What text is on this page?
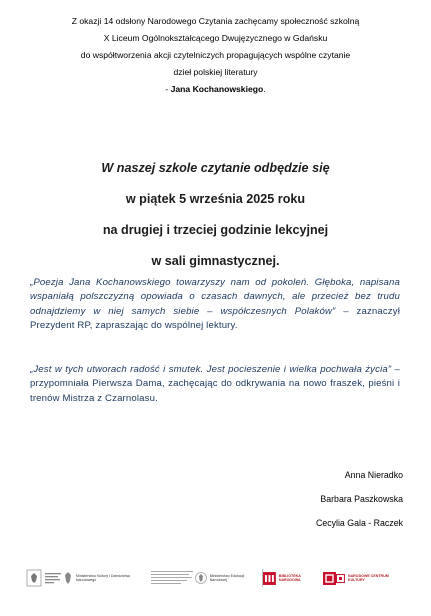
Z okazji 14 odsłony Narodowego Czytania zachęcamy społeczność szkolną
X Liceum Ogólnokształcącego Dwujęzycznego w Gdańsku
do współtworzenia akcji czytelniczych propagujących wspólne czytanie
dzieł polskiej literatury
- Jana Kochanowskiego.
W naszej szkole czytanie odbędzie się
w piątek 5 września 2025 roku
na drugiej i trzeciej godzinie lekcyjnej
w sali gimnastycznej.
„Poezja Jana Kochanowskiego towarzyszy nam od pokoleń. Głęboka, napisana wspaniałą polszczyzną opowiada o czasach dawnych, ale przecież bez trudu odnajdziemy w niej samych siebie – współczesnych Polaków” – zaznaczył Prezydent RP, zapraszając do wspólnej lektury.
„Jest w tych utworach radość i smutek. Jest pocieszenie i wielka pochwała życia” – przypomniała Pierwsza Dama, zachęcając do odkrywania na nowo fraszek, pieśni i trenów Mistrza z Czarnolasu.
Anna Nieradko
Barbara Paszkowska
Cecylia Gala - Raczek
Ministerstwo Kultury i Dziedzictwa Narodowego
Ministerstwo Edukacji Narodowej
BIBLIOTEKA NARODOWA
NARODOWE CENTRUM KULTURY
